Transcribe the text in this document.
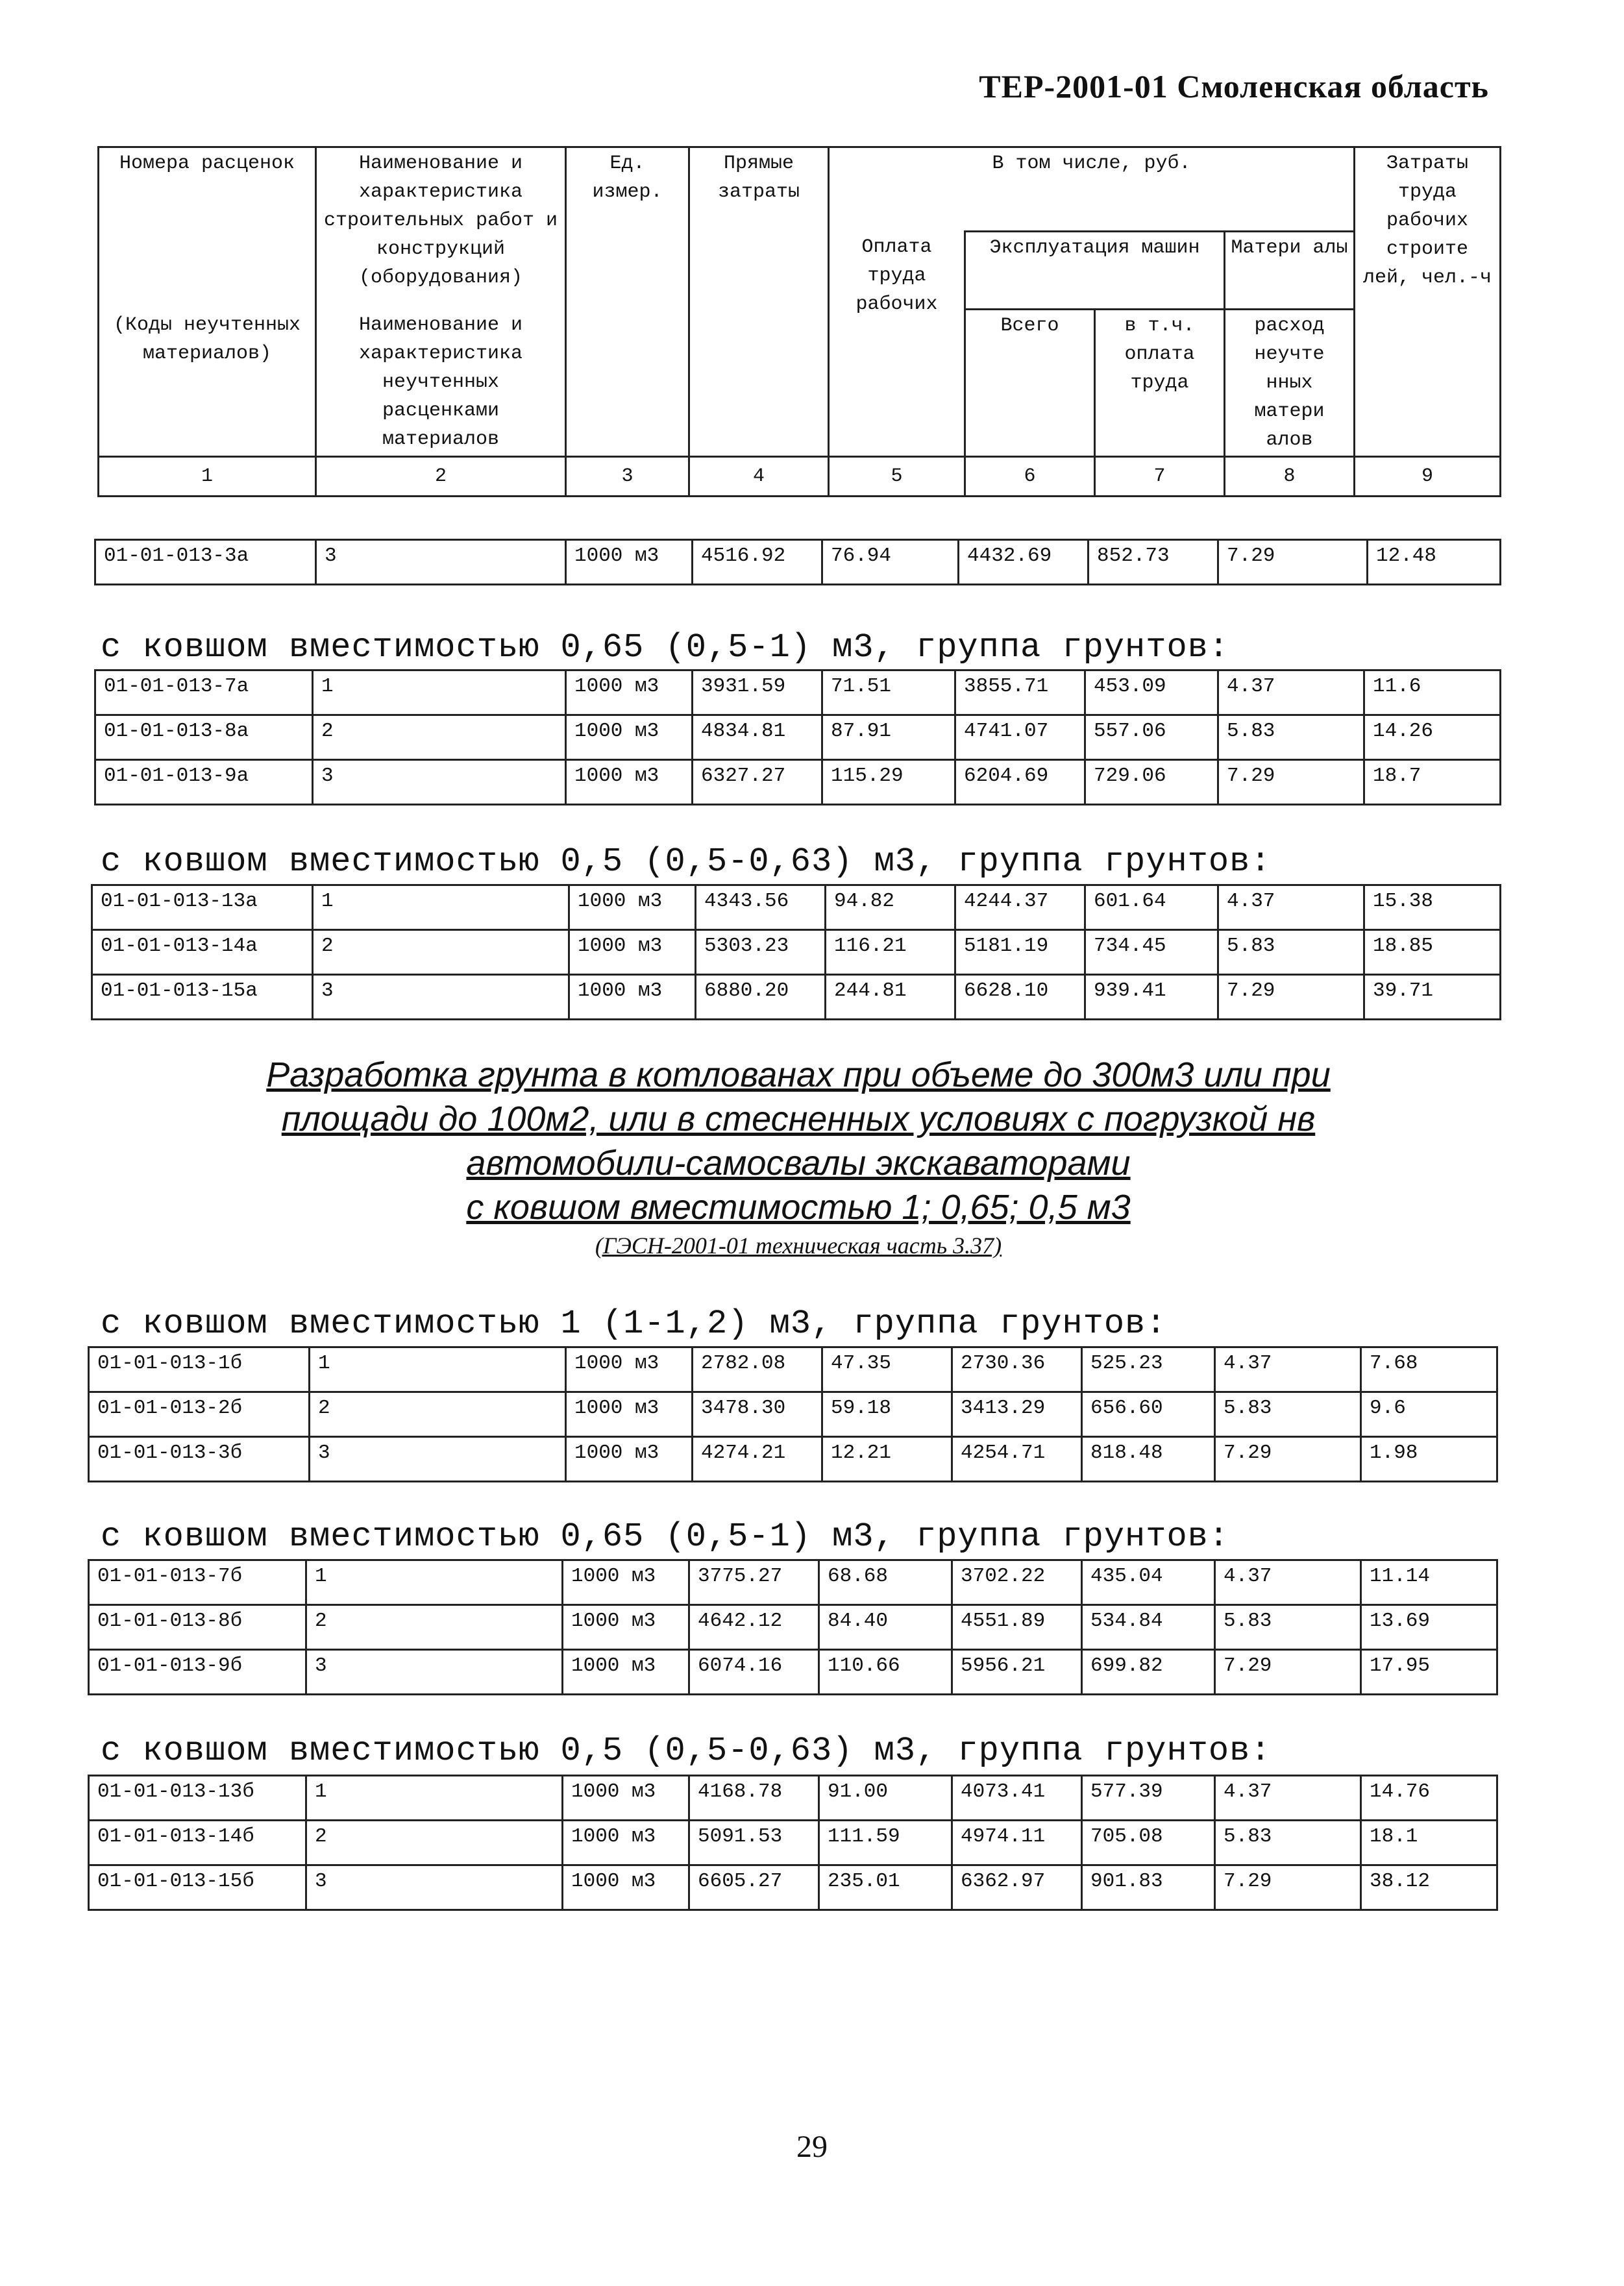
ТЕР-2001-01 Смоленская область
Номера расценок	Наименование и характеристика строительных работ и конструкций (оборудования)	Ед. измер.	Прямые затраты	В том числе, руб.				Затраты труда рабочих строите лей, чел.-ч
				Оплата труда рабочих	Эксплуатация машин		Матери алы	
(Коды неучтенных материалов)	Наименование и характеристика неучтенных расценками материалов				Всего	в т.ч. оплата труда	расход неучте нных матери алов	

1	2	3	4	5	6	7	8	9
01-01-013-3а	3	1000 м3	4516.92	76.94	4432.69	852.73	7.29	12.48
с ковшом вместимостью 0,65 (0,5-1) м3, группа грунтов:
01-01-013-7а	1	1000 м3	3931.59	71.51	3855.71	453.09	4.37	11.6
01-01-013-8а	2	1000 м3	4834.81	87.91	4741.07	557.06	5.83	14.26
01-01-013-9а	3	1000 м3	6327.27	115.29	6204.69	729.06	7.29	18.7
с ковшом вместимостью 0,5 (0,5-0,63) м3, группа грунтов:
01-01-013-13а	1	1000 м3	4343.56	94.82	4244.37	601.64	4.37	15.38
01-01-013-14а	2	1000 м3	5303.23	116.21	5181.19	734.45	5.83	18.85
01-01-013-15а	3	1000 м3	6880.20	244.81	6628.10	939.41	7.29	39.71
Разработка грунта в котлованах при объеме до 300м3 или при
площади до 100м2, или в стесненных условиях с погрузкой нв
автомобили-самосвалы экскаваторами
с ковшом вместимостью 1; 0,65; 0,5 м3
(ГЭСН-2001-01 техническая часть 3.37)
с ковшом вместимостью 1 (1-1,2) м3, группа грунтов:
01-01-013-1б	1	1000 м3	2782.08	47.35	2730.36	525.23	4.37	7.68
01-01-013-2б	2	1000 м3	3478.30	59.18	3413.29	656.60	5.83	9.6
01-01-013-3б	3	1000 м3	4274.21	12.21	4254.71	818.48	7.29	1.98
с ковшом вместимостью 0,65 (0,5-1) м3, группа грунтов:
01-01-013-7б	1	1000 м3	3775.27	68.68	3702.22	435.04	4.37	11.14
01-01-013-8б	2	1000 м3	4642.12	84.40	4551.89	534.84	5.83	13.69
01-01-013-9б	3	1000 м3	6074.16	110.66	5956.21	699.82	7.29	17.95
с ковшом вместимостью 0,5 (0,5-0,63) м3, группа грунтов:
01-01-013-13б	1	1000 м3	4168.78	91.00	4073.41	577.39	4.37	14.76
01-01-013-14б	2	1000 м3	5091.53	111.59	4974.11	705.08	5.83	18.1
01-01-013-15б	3	1000 м3	6605.27	235.01	6362.97	901.83	7.29	38.12
29
